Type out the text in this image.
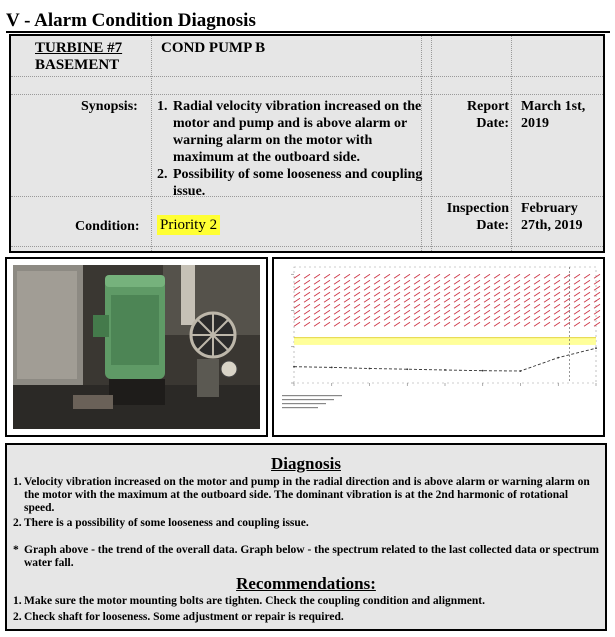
V - Alarm Condition Diagnosis
TURBINE #7
BASEMENT
COND PUMP B
Synopsis: 1. Radial velocity vibration increased on the motor and pump and is above alarm or warning alarm on the motor with maximum at the outboard side.
2. Possibility of some looseness and coupling issue.
Report Date:
March 1st, 2019
Inspection Date:
February 27th, 2019
Condition: Priority 2
Diagnosis
1. Velocity vibration increased on the motor and pump in the radial direction and is above alarm or warning alarm on the motor with the maximum at the outboard side. The dominant vibration is at the 2nd harmonic of rotational speed.
2. There is a possibility of some looseness and coupling issue.
* Graph above - the trend of the overall data. Graph below - the spectrum related to the last collected data or spectrum water fall.
Recommendations:
1. Make sure the motor mounting bolts are tighten. Check the coupling condition and alignment.
2. Check shaft for looseness. Some adjustment or repair is required.
